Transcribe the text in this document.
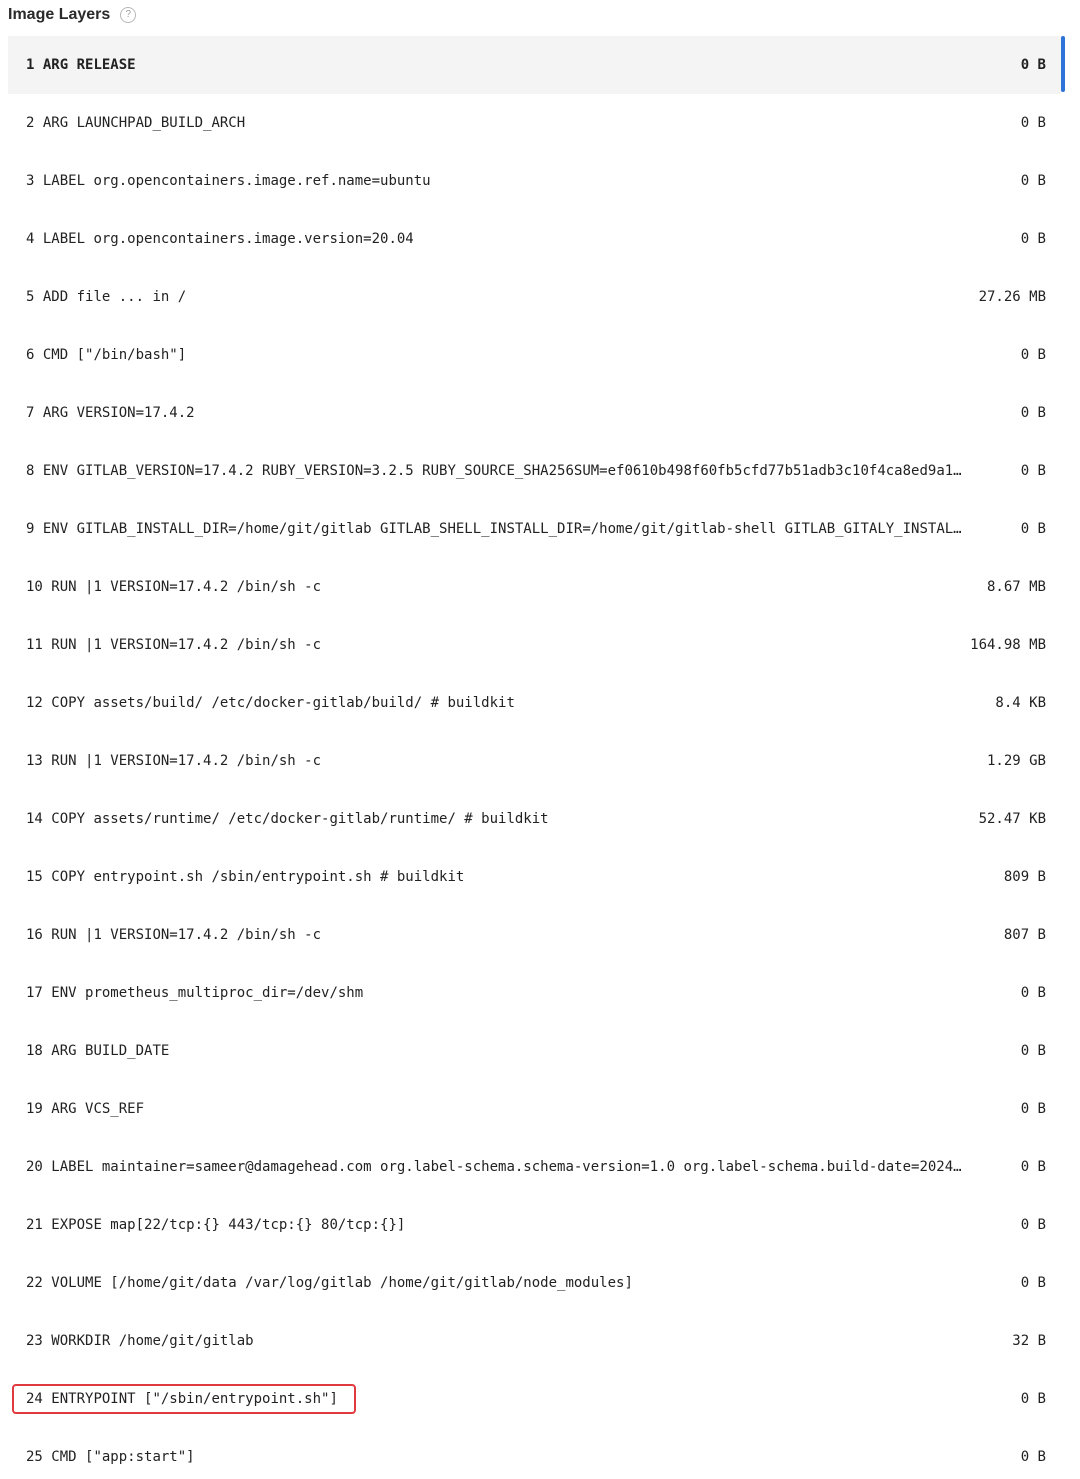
Image Layers	?
1
ARG RELEASE	0 B
2
ARG LAUNCHPAD_BUILD_ARCH	0 B
3
LABEL org.opencontainers.image.ref.name=ubuntu	0 B
4
LABEL org.opencontainers.image.version=20.04	0 B
5
ADD file ... in /	27.26 MB
6
CMD ["/bin/bash"]	0 B
7
ARG VERSION=17.4.2	0 B
8
ENV GITLAB_VERSION=17.4.2 RUBY_VERSION=3.2.5 RUBY_SOURCE_SHA256SUM=ef0610b498f60fb5cfd77b51adb3c10f4ca8ed9a1…	0 B
9
ENV GITLAB_INSTALL_DIR=/home/git/gitlab GITLAB_SHELL_INSTALL_DIR=/home/git/gitlab-shell GITLAB_GITALY_INSTAL…	0 B
10
RUN |1 VERSION=17.4.2 /bin/sh -c	8.67 MB
11
RUN |1 VERSION=17.4.2 /bin/sh -c	164.98 MB
12
COPY assets/build/ /etc/docker-gitlab/build/ # buildkit	8.4 KB
13
RUN |1 VERSION=17.4.2 /bin/sh -c	1.29 GB
14
COPY assets/runtime/ /etc/docker-gitlab/runtime/ # buildkit	52.47 KB
15
COPY entrypoint.sh /sbin/entrypoint.sh # buildkit	809 B
16
RUN |1 VERSION=17.4.2 /bin/sh -c	807 B
17
ENV prometheus_multiproc_dir=/dev/shm	0 B
18
ARG BUILD_DATE	0 B
19
ARG VCS_REF	0 B
20
LABEL maintainer=sameer@damagehead.com org.label-schema.schema-version=1.0 org.label-schema.build-date=2024…	0 B
21
EXPOSE map[22/tcp:{} 443/tcp:{} 80/tcp:{}]	0 B
22
VOLUME [/home/git/data /var/log/gitlab /home/git/gitlab/node_modules]	0 B
23
WORKDIR /home/git/gitlab	32 B
24
ENTRYPOINT ["/sbin/entrypoint.sh"]	0 B
25
CMD ["app:start"]	0 B
